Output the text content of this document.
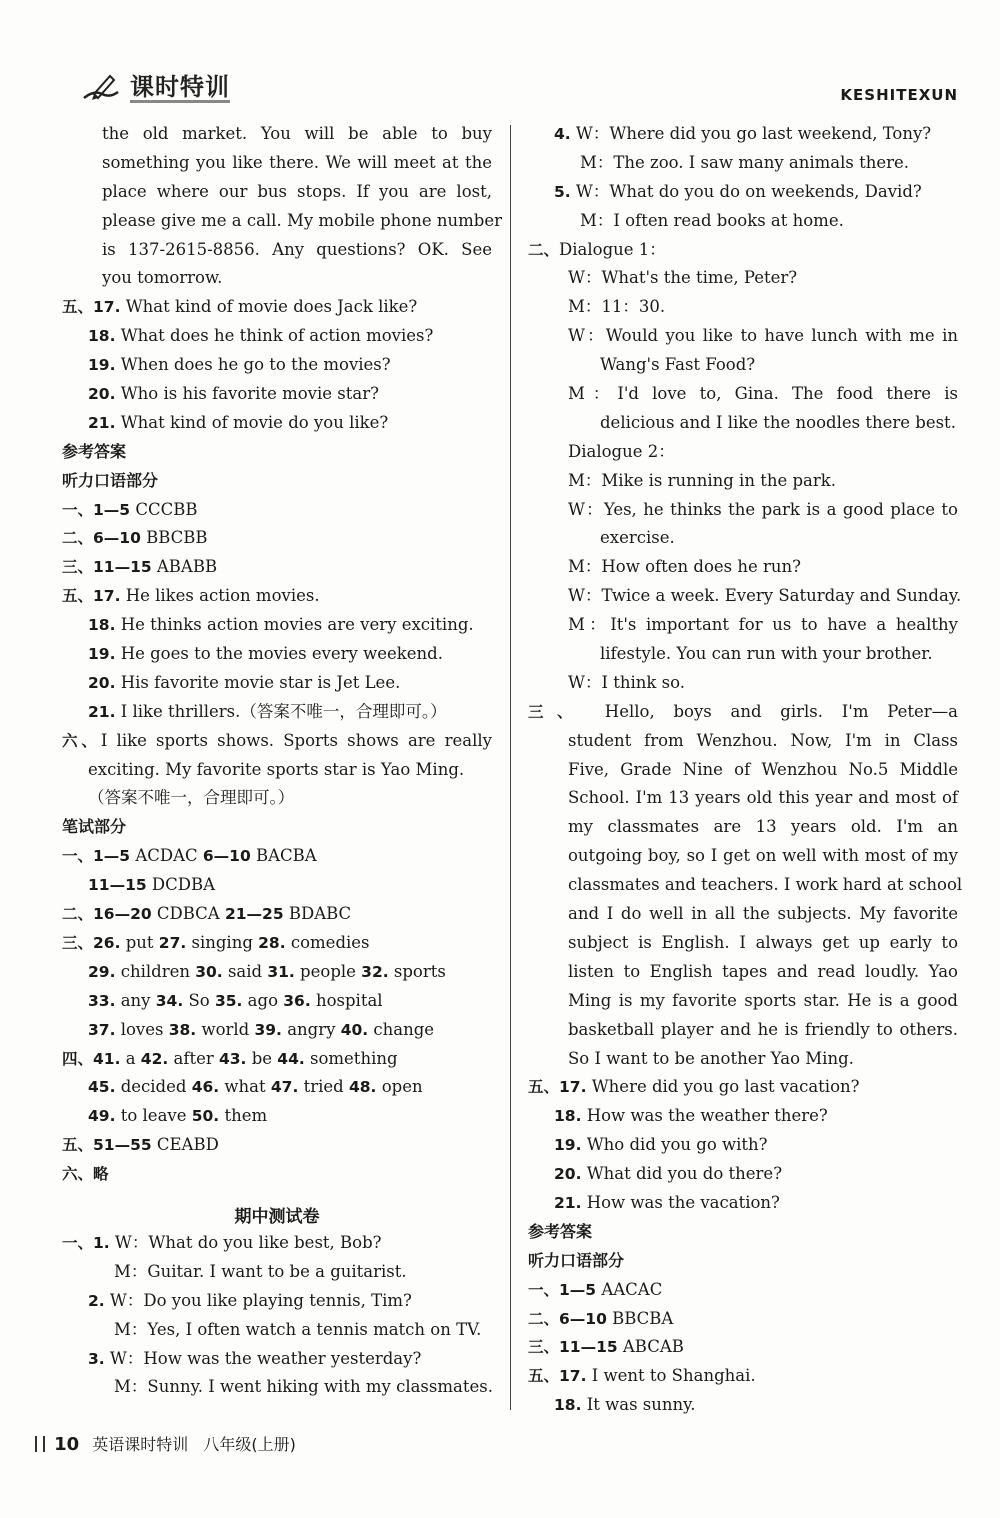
课时特训	KESHITEXUN
the old market. You will be able to buy
something you like there. We will meet at the
place where our bus stops. If you are lost,
please give me a call. My mobile phone number
is 137-2615-8856. Any questions? OK. See
you tomorrow.
五、17. What kind of movie does Jack like?
18. What does he think of action movies?
19. When does he go to the movies?
20. Who is his favorite movie star?
21. What kind of movie do you like?
参考答案
听力口语部分
一、1—5 CCCBB
二、6—10 BBCBB
三、11—15 ABABB
五、17. He likes action movies.
18. He thinks action movies are very exciting.
19. He goes to the movies every weekend.
20. His favorite movie star is Jet Lee.
21. I like thrillers.（答案不唯一，合理即可。）
六、I like sports shows. Sports shows are really
exciting. My favorite sports star is Yao Ming.
（答案不唯一，合理即可。）
笔试部分
一、1—5 ACDAC 6—10 BACBA
11—15 DCDBA
二、16—20 CDBCA 21—25 BDABC
三、26. put 27. singing 28. comedies
29. children 30. said 31. people 32. sports
33. any 34. So 35. ago 36. hospital
37. loves 38. world 39. angry 40. change
四、41. a 42. after 43. be 44. something
45. decided 46. what 47. tried 48. open
49. to leave 50. them
五、51—55 CEABD
六、略
期中测试卷
一、1. W：What do you like best, Bob?
M：Guitar. I want to be a guitarist.
2. W：Do you like playing tennis, Tim?
M：Yes, I often watch a tennis match on TV.
3. W：How was the weather yesterday?
M：Sunny. I went hiking with my classmates.
4. W：Where did you go last weekend, Tony?
M：The zoo. I saw many animals there.
5. W：What do you do on weekends, David?
M：I often read books at home.
二、Dialogue 1：
W：What's the time, Peter?
M：11：30.
W：Would you like to have lunch with me in
Wang's Fast Food?
M：I'd love to, Gina. The food there is
delicious and I like the noodles there best.
Dialogue 2：
M：Mike is running in the park.
W：Yes, he thinks the park is a good place to
exercise.
M：How often does he run?
W：Twice a week. Every Saturday and Sunday.
M：It's important for us to have a healthy
lifestyle. You can run with your brother.
W：I think so.
三、 Hello, boys and girls. I'm Peter—a
student from Wenzhou. Now, I'm in Class
Five, Grade Nine of Wenzhou No.5 Middle
School. I'm 13 years old this year and most of
my classmates are 13 years old. I'm an
outgoing boy, so I get on well with most of my
classmates and teachers. I work hard at school
and I do well in all the subjects. My favorite
subject is English. I always get up early to
listen to English tapes and read loudly. Yao
Ming is my favorite sports star. He is a good
basketball player and he is friendly to others.
So I want to be another Yao Ming.
五、17. Where did you go last vacation?
18. How was the weather there?
19. Who did you go with?
20. What did you do there?
21. How was the vacation?
参考答案
听力口语部分
一、1—5 AACAC
二、6—10 BBCBA
三、11—15 ABCAB
五、17. I went to Shanghai.
18. It was sunny.
10 英语课时特训 八年级(上册)
